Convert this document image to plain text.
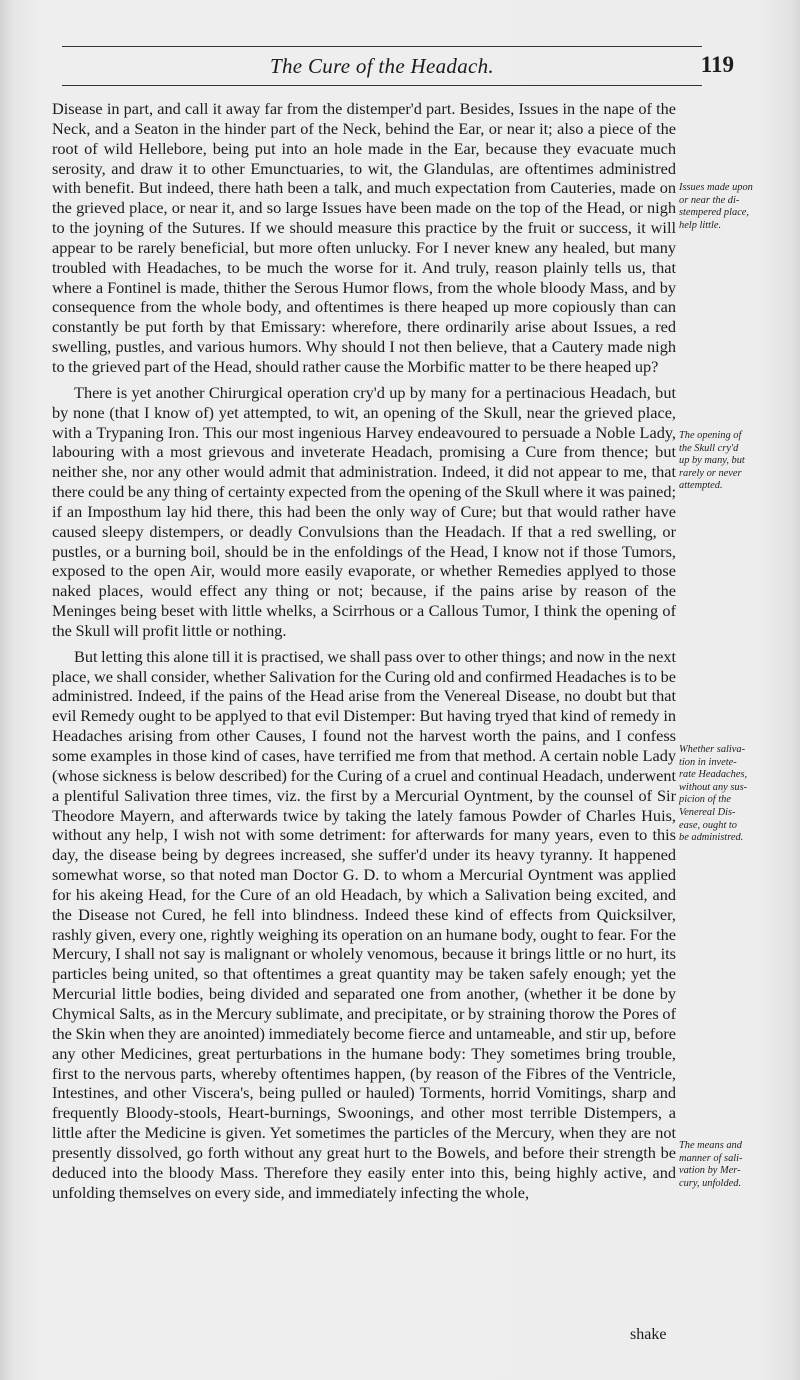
The Cure of the Headach.	119

Disease in part, and call it away far from the distemper'd part. Besides, Issues in the nape of the Neck, and a Seaton in the hinder part of the Neck, behind the Ear, or near it; also a piece of the root of wild Hellebore, being put into an hole made in the Ear, because they evacuate much serosity, and draw it to other Emunctuaries, to wit, the Glandulas, are oftentimes administred with benefit. But indeed, there hath been a talk, and much expectation from Cauteries, made on the grieved place, or near it, and so large Issues have been made on the top of the Head, or nigh to the joyning of the Sutures. If we should measure this practice by the fruit or success, it will appear to be rarely beneficial, but more often unlucky. For I never knew any healed, but many troubled with Headaches, to be much the worse for it. And truly, reason plainly tells us, that where a Fontinel is made, thither the Serous Humor flows, from the whole bloody Mass, and by consequence from the whole body, and oftentimes is there heaped up more copiously than can constantly be put forth by that Emissary: wherefore, there ordinarily arise about Issues, a red swelling, pustles, and various humors. Why should I not then believe, that a Cautery made nigh to the grieved part of the Head, should rather cause the Morbific matter to be there heaped up?

There is yet another Chirurgical operation cry'd up by many for a pertinacious Headach, but by none (that I know of) yet attempted, to wit, an opening of the Skull, near the grieved place, with a Trypaning Iron. This our most ingenious Harvey endeavoured to persuade a Noble Lady, labouring with a most grievous and inveterate Headach, promising a Cure from thence; but neither she, nor any other would admit that administration. Indeed, it did not appear to me, that there could be any thing of certainty expected from the opening of the Skull where it was pained; if an Imposthum lay hid there, this had been the only way of Cure; but that would rather have caused sleepy distempers, or deadly Convulsions than the Headach. If that a red swelling, or pustles, or a burning boil, should be in the enfoldings of the Head, I know not if those Tumors, exposed to the open Air, would more easily evaporate, or whether Remedies applyed to those naked places, would effect any thing or not; because, if the pains arise by reason of the Meninges being beset with little whelks, a Scirrhous or a Callous Tumor, I think the opening of the Skull will profit little or nothing.

But letting this alone till it is practised, we shall pass over to other things; and now in the next place, we shall consider, whether Salivation for the Curing old and confirmed Headaches is to be administred. Indeed, if the pains of the Head arise from the Venereal Disease, no doubt but that evil Remedy ought to be applyed to that evil Distemper: But having tryed that kind of remedy in Headaches arising from other Causes, I found not the harvest worth the pains, and I confess some examples in those kind of cases, have terrified me from that method. A certain noble Lady (whose sickness is below described) for the Curing of a cruel and continual Headach, underwent a plentiful Salivation three times, viz. the first by a Mercurial Oyntment, by the counsel of Sir Theodore Mayern, and afterwards twice by taking the lately famous Powder of Charles Huis, without any help, I wish not with some detriment: for afterwards for many years, even to this day, the disease being by degrees increased, she suffer'd under its heavy tyranny. It happened somewhat worse, so that noted man Doctor G. D. to whom a Mercurial Oyntment was applied for his akeing Head, for the Cure of an old Headach, by which a Salivation being excited, and the Disease not Cured, he fell into blindness. Indeed these kind of effects from Quicksilver, rashly given, every one, rightly weighing its operation on an humane body, ought to fear. For the Mercury, I shall not say is malignant or wholely venomous, because it brings little or no hurt, its particles being united, so that oftentimes a great quantity may be taken safely enough; yet the Mercurial little bodies, being divided and separated one from another, (whether it be done by Chymical Salts, as in the Mercury sublimate, and precipitate, or by straining thorow the Pores of the Skin when they are anointed) immediately become fierce and untameable, and stir up, before any other Medicines, great perturbations in the humane body: They sometimes bring trouble, first to the nervous parts, whereby oftentimes happen, (by reason of the Fibres of the Ventricle, Intestines, and other Viscera's, being pulled or hauled) Torments, horrid Vomitings, sharp and frequently Bloody-stools, Heart-burnings, Swoonings, and other most terrible Distempers, a little after the Medicine is given. Yet sometimes the particles of the Mercury, when they are not presently dissolved, go forth without any great hurt to the Bowels, and before their strength be deduced into the bloody Mass. Therefore they easily enter into this, being highly active, and unfolding themselves on every side, and immediately infecting the whole,

Issues made upon
or near the di-
stempered place,
help little.
The opening of
the Skull cry'd
up by many, but
rarely or never
attempted.
Whether saliva-
tion in invete-
rate Headaches,
without any sus-
picion of the
Venereal Dis-
ease, ought to
be administred.
The means and
manner of sali-
vation by Mer-
cury, unfolded.
shake
